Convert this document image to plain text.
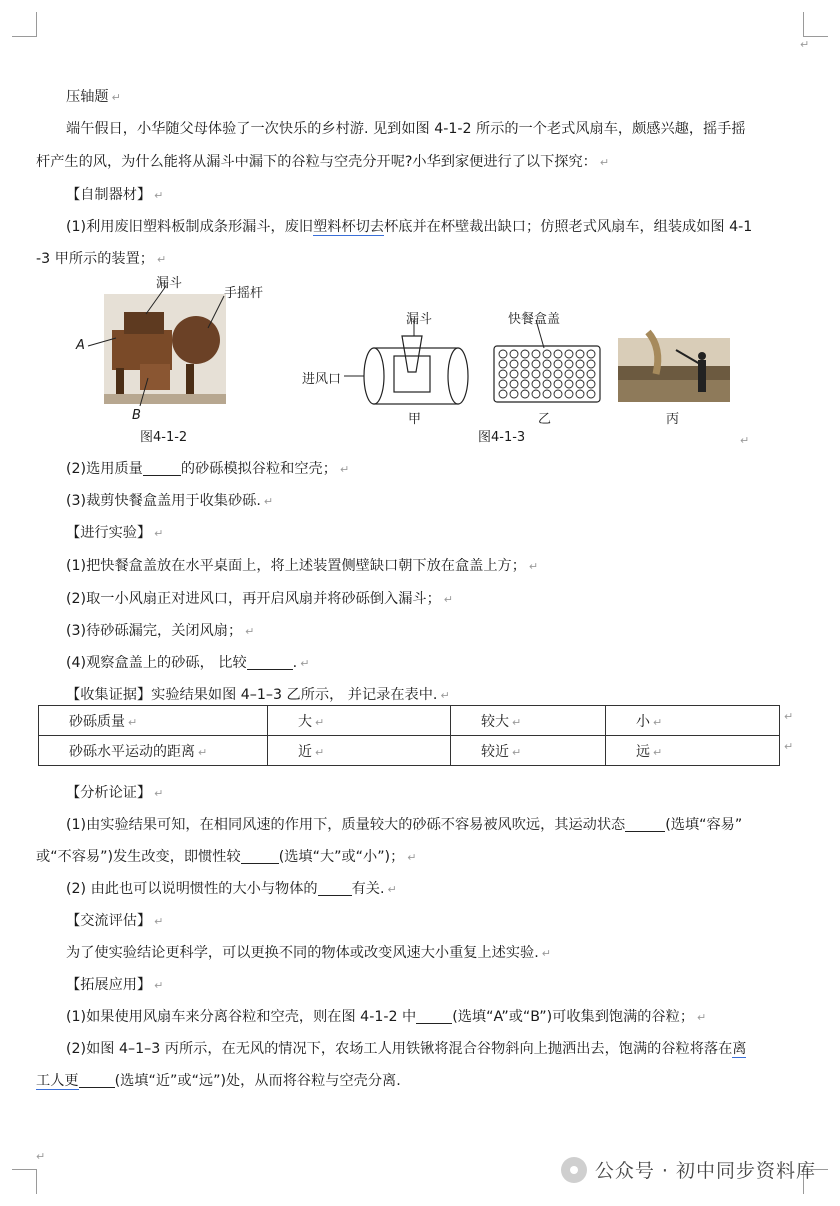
↵
↵
压轴题 ↵
端午假日，小华随父母体验了一次快乐的乡村游. 见到如图 4-1-2 所示的一个老式风扇车，颇感兴趣，摇手摇
杆产生的风，为什么能将从漏斗中漏下的谷粒与空壳分开呢?小华到家便进行了以下探究： ↵
【自制器材】 ↵
(1)利用废旧塑料板制成条形漏斗，废旧塑料杯切去杯底并在杯壁裁出缺口；仿照老式风扇车，组装成如图 4-1
-3 甲所示的装置； ↵
漏斗
手摇杆
A
B
图4-1-2
漏斗	快餐盒盖
进风口
甲	乙	丙
图4-1-3	↵
(2)选用质量	的砂砾模拟谷粒和空壳； ↵
(3)裁剪快餐盒盖用于收集砂砾. ↵
【进行实验】 ↵
(1)把快餐盒盖放在水平桌面上，将上述装置侧壁缺口朝下放在盒盖上方； ↵
(2)取一小风扇正对进风口，再开启风扇并将砂砾倒入漏斗； ↵
(3)待砂砾漏完，关闭风扇； ↵
(4)观察盒盖上的砂砾， 比较	. ↵
【收集证据】实验结果如图 4–1–3 乙所示， 并记录在表中. ↵
砂砾质量 ↵	大 ↵	较大 ↵	小 ↵
砂砾水平运动的距离 ↵	近 ↵	较近 ↵	远 ↵
↵
↵
【分析论证】 ↵
(1)由实验结果可知，在相同风速的作用下，质量较大的砂砾不容易被风吹远，其运动状态	(选填“容易”
或“不容易”)发生改变，即惯性较	(选填“大”或“小”)； ↵
(2) 由此也可以说明惯性的大小与物体的 有关. ↵
【交流评估】 ↵
为了使实验结论更科学，可以更换不同的物体或改变风速大小重复上述实验. ↵
【拓展应用】 ↵
(1)如果使用风扇车来分离谷粒和空壳，则在图 4-1-2 中	(选填“A”或“B”)可收集到饱满的谷粒； ↵
(2)如图 4–1–3 丙所示，在无风的情况下，农场工人用铁锹将混合谷物斜向上抛洒出去，饱满的谷粒将落在离
工人更	(选填“近”或“远”)处，从而将谷粒与空壳分离.
公众号 · 初中同步资料库
